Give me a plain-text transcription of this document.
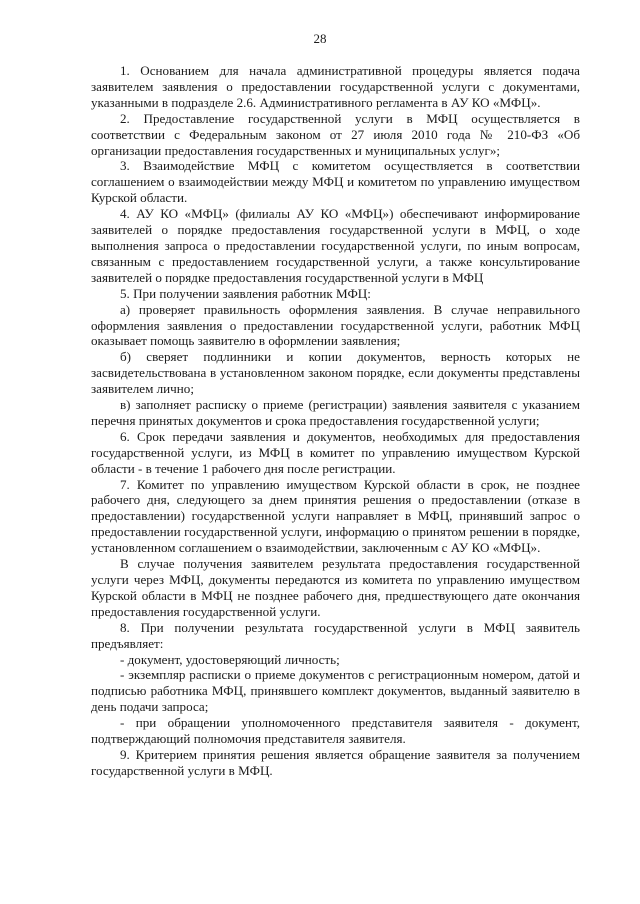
28

1. Основанием для начала административной процедуры является подача заявителем заявления о предоставлении государственной услуги с документами, указанными в подразделе 2.6. Административного регламента в АУ КО «МФЦ».

2. Предоставление государственной услуги в МФЦ осуществляется в соответствии с Федеральным законом от 27 июля 2010 года № 210-ФЗ «Об организации предоставления государственных и муниципальных услуг»;

3. Взаимодействие МФЦ с комитетом осуществляется в соответствии соглашением о взаимодействии между МФЦ и комитетом по управлению имуществом Курской области.

4. АУ КО «МФЦ» (филиалы АУ КО «МФЦ») обеспечивают информирование заявителей о порядке предоставления государственной услуги в МФЦ, о ходе выполнения запроса о предоставлении государственной услуги, по иным вопросам, связанным с предоставлением государственной услуги, а также консультирование заявителей о порядке предоставления государственной услуги в МФЦ

5. При получении заявления работник МФЦ:

а) проверяет правильность оформления заявления. В случае неправильного оформления заявления о предоставлении государственной услуги, работник МФЦ оказывает помощь заявителю в оформлении заявления;

б) сверяет подлинники и копии документов, верность которых не засвидетельствована в установленном законом порядке, если документы представлены заявителем лично;

в) заполняет расписку о приеме (регистрации) заявления заявителя с указанием перечня принятых документов и срока предоставления государственной услуги;

6. Срок передачи заявления и документов, необходимых для предоставления государственной услуги, из МФЦ в комитет по управлению имуществом Курской области - в течение 1 рабочего дня после регистрации.

7. Комитет по управлению имуществом Курской области в срок, не позднее рабочего дня, следующего за днем принятия решения о предоставлении (отказе в предоставлении) государственной услуги направляет в МФЦ, принявший запрос о предоставлении государственной услуги, информацию о принятом решении в порядке, установленном соглашением о взаимодействии, заключенным с АУ КО «МФЦ».

В случае получения заявителем результата предоставления государственной услуги через МФЦ, документы передаются из комитета по управлению имуществом Курской области в МФЦ не позднее рабочего дня, предшествующего дате окончания предоставления государственной услуги.

8. При получении результата государственной услуги в МФЦ заявитель предъявляет:

- документ, удостоверяющий личность;

- экземпляр расписки о приеме документов с регистрационным номером, датой и подписью работника МФЦ, принявшего комплект документов, выданный заявителю в день подачи запроса;

- при обращении уполномоченного представителя заявителя - документ, подтверждающий полномочия представителя заявителя.

9. Критерием принятия решения является обращение заявителя за получением государственной услуги в МФЦ.
